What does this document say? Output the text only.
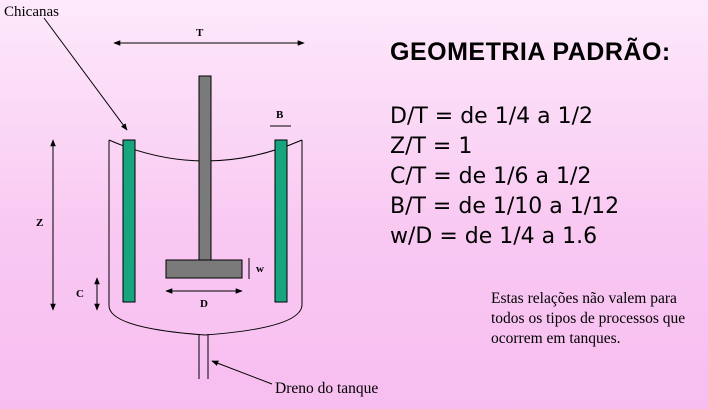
Chicanas
T
Dreno do tanque
B
w
D
Z
C
GEOMETRIA PADRÃO:
D/T = de 1/4 a 1/2
Z/T = 1
C/T = de 1/6 a 1/2
B/T = de 1/10 a 1/12
w/D = de 1/4 a 1.6
Estas relações não valem para todos os tipos de processos que ocorrem em tanques.
